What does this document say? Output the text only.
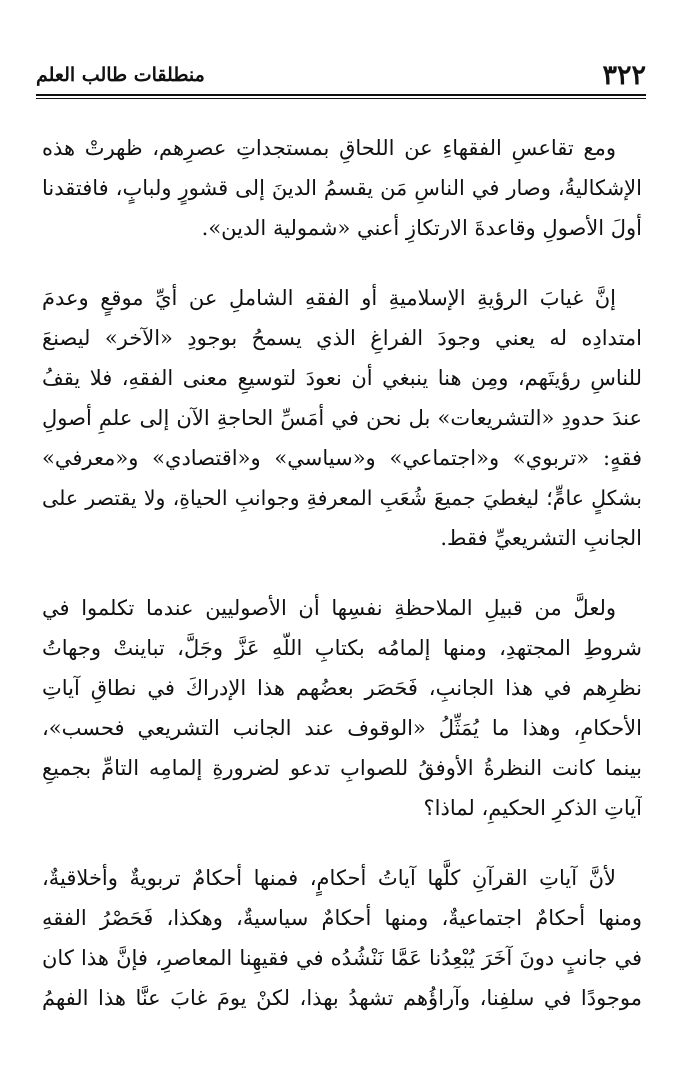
٣٢٢
منطلقات طالب العلم
ومع تقاعسِ الفقهاءِ عن اللحاقِ بمستجداتِ عصرِهم، ظهرتْ هذه
الإشكاليةُ، وصار في الناسِ مَن يقسمُ الدينَ إلى قشورٍ ولبابٍ، فافتقدنا
أولَ الأصولِ وقاعدةَ الارتكازِ أعني «شمولية الدين».
إنَّ غيابَ الرؤيةِ الإسلاميةِ أو الفقهِ الشاملِ عن أيِّ موقعٍ وعدمَ
امتدادِه له يعني وجودَ الفراغِ الذي يسمحُ بوجودِ «الآخر» ليصنعَ
للناسِ رؤيتَهم، ومِن هنا ينبغي أن نعودَ لتوسيعِ معنى الفقهِ، فلا يقفُ
عندَ حدودِ «التشريعات» بل نحن في أمَسِّ الحاجةِ الآن إلى علمِ أصولِ
فقهٍ: «تربوي» و«اجتماعي» و«سياسي» و«اقتصادي» و«معرفي»
بشكلٍ عامٍّ؛ ليغطيَ جميعَ شُعَبِ المعرفةِ وجوانبِ الحياةِ، ولا يقتصر على
الجانبِ التشريعيِّ فقط.
ولعلَّ من قبيلِ الملاحظةِ نفسِها أن الأصوليين عندما تكلموا في
شروطِ المجتهدِ، ومنها إلمامُه بكتابِ اللّهِ عَزَّ وجَلَّ، تباينتْ وجهاتُ
نظرِهم في هذا الجانبِ، فَحَصَر بعضُهم هذا الإدراكَ في نطاقِ آياتِ
الأحكامِ، وهذا ما يُمَثِّلُ «الوقوف عند الجانب التشريعي فحسب»،
بينما كانت النظرةُ الأوفقُ للصوابِ تدعو لضرورةِ إلمامِه التامِّ بجميعِ
آياتِ الذكرِ الحكيمِ، لماذا؟
لأنَّ آياتِ القرآنِ كلَّها آياتُ أحكامٍ، فمنها أحكامٌ تربويةٌ وأخلاقيةٌ،
ومنها أحكامٌ اجتماعيةٌ، ومنها أحكامٌ سياسيةٌ، وهكذا، فَحَصْرُ الفقهِ
في جانبٍ دونَ آخَرَ يُبْعِدُنا عَمَّا نَنْشُدُه في فقيهِنا المعاصرِ، فإنَّ هذا كان
موجودًا في سلفِنا، وآراؤُهم تشهدُ بهذا، لكنْ يومَ غابَ عنَّا هذا الفهمُ
